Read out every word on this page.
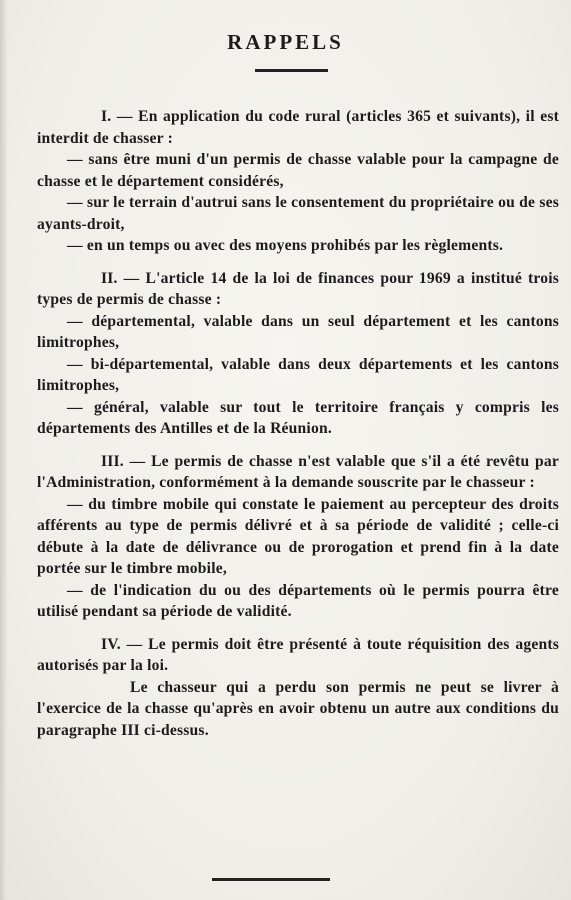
RAPPELS

I. — En application du code rural (articles 365 et suivants), il est interdit de chasser :

— sans être muni d'un permis de chasse valable pour la campagne de chasse et le département considérés,

— sur le terrain d'autrui sans le consentement du propriétaire ou de ses ayants-droit,

— en un temps ou avec des moyens prohibés par les règlements.

II. — L'article 14 de la loi de finances pour 1969 a institué trois types de permis de chasse :

— départemental, valable dans un seul département et les cantons limitrophes,

— bi-départemental, valable dans deux départements et les cantons limitrophes,

— général, valable sur tout le territoire français y compris les départements des Antilles et de la Réunion.

III. — Le permis de chasse n'est valable que s'il a été revêtu par l'Administration, conformément à la demande souscrite par le chasseur :

— du timbre mobile qui constate le paiement au percepteur des droits afférents au type de permis délivré et à sa période de validité ; celle-ci débute à la date de délivrance ou de prorogation et prend fin à la date portée sur le timbre mobile,

— de l'indication du ou des départements où le permis pourra être utilisé pendant sa période de validité.

IV. — Le permis doit être présenté à toute réquisition des agents autorisés par la loi.

Le chasseur qui a perdu son permis ne peut se livrer à l'exercice de la chasse qu'après en avoir obtenu un autre aux conditions du paragraphe III ci-dessus.
